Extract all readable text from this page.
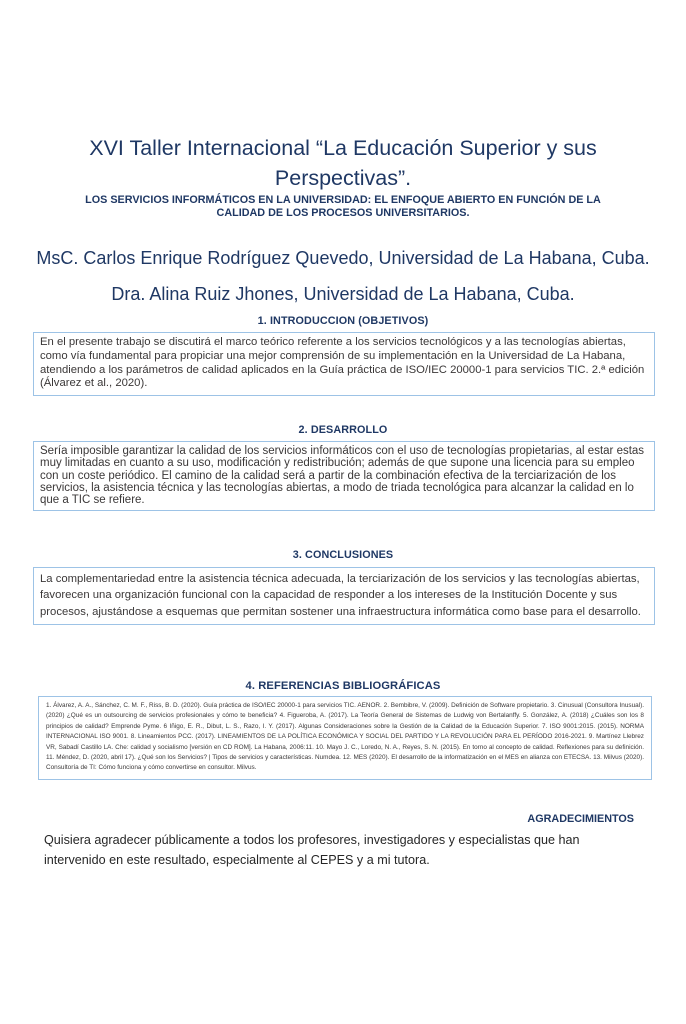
XVI Taller Internacional “La Educación Superior y sus Perspectivas”.
LOS SERVICIOS INFORMÁTICOS EN LA UNIVERSIDAD: EL ENFOQUE ABIERTO EN FUNCIÓN DE LA CALIDAD DE LOS PROCESOS UNIVERSITARIOS.
MsC. Carlos Enrique Rodríguez Quevedo, Universidad de La Habana, Cuba.
Dra. Alina Ruiz Jhones, Universidad de La Habana, Cuba.
1. INTRODUCCION (OBJETIVOS)
En el presente trabajo se discutirá el marco teórico referente a los servicios tecnológicos y a las tecnologías abiertas, como vía fundamental para propiciar una mejor comprensión de su implementación en la Universidad de La Habana, atendiendo a los parámetros de calidad aplicados en la Guía práctica de ISO/IEC 20000-1 para servicios TIC. 2.ª edición (Álvarez et al., 2020).
2. DESARROLLO
Sería imposible garantizar la calidad de los servicios informáticos con el uso de tecnologías propietarias, al estar estas muy limitadas en cuanto a su uso, modificación y redistribución; además de que supone una licencia para su empleo con un coste periódico. El camino de la calidad será a partir de la combinación efectiva de la terciarización de los servicios, la asistencia técnica y las tecnologías abiertas, a modo de triada tecnológica para alcanzar la calidad en lo que a TIC se refiere.
3. CONCLUSIONES
La complementariedad entre la asistencia técnica adecuada, la terciarización de los servicios y las tecnologías abiertas, favorecen una organización funcional con la capacidad de responder a los intereses de la Institución Docente y sus procesos, ajustándose a esquemas que permitan sostener una infraestructura informática como base para el desarrollo.
4. REFERENCIAS BIBLIOGRÁFICAS
1. Álvarez, A. A., Sánchez, C. M. F., Riss, B. D. (2020). Guía práctica de ISO/IEC 20000-1 para servicios TIC. AENOR. 2. Bembibre, V. (2009). Definición de Software propietario. 3. Cinusual (Consultora Inusual). (2020) ¿Qué es un outsourcing de servicios profesionales y cómo te beneficia? 4. Figueroba, A. (2017). La Teoría General de Sistemas de Ludwig von Bertalanffy. 5. González, A. (2018) ¿Cuáles son los 8 principios de calidad? Emprende Pyme. 6 Iñigo, E. R., Dibut, L. S., Razo, I. Y. (2017). Algunas Consideraciones sobre la Gestión de la Calidad de la Educación Superior. 7. ISO 9001:2015. (2015). NORMA INTERNACIONAL ISO 9001. 8. Lineamientos PCC. (2017). LINEAMIENTOS DE LA POLÍTICA ECONÓMICA Y SOCIAL DEL PARTIDO Y LA REVOLUCIÓN PARA EL PERÍODO 2016-2021. 9. Martínez Llebrez VR, Sabadí Castillo LA. Che: calidad y socialismo [versión en CD ROM]. La Habana, 2006:11. 10. Mayo J. C., Loredo, N. A., Reyes, S. N. (2015). En torno al concepto de calidad. Reflexiones para su definición. 11. Méndez, D. (2020, abril 17). ¿Qué son los Servicios? | Tipos de servicios y características. Numdea. 12. MES (2020). El desarrollo de la informatización en el MES en alianza con ETECSA. 13. Milvus (2020). Consultoría de TI: Cómo funciona y cómo convertirse en consultor. Milvus.
AGRADECIMIENTOS
Quisiera agradecer públicamente a todos los profesores, investigadores y especialistas que han intervenido en este resultado, especialmente al CEPES y a mi tutora.
